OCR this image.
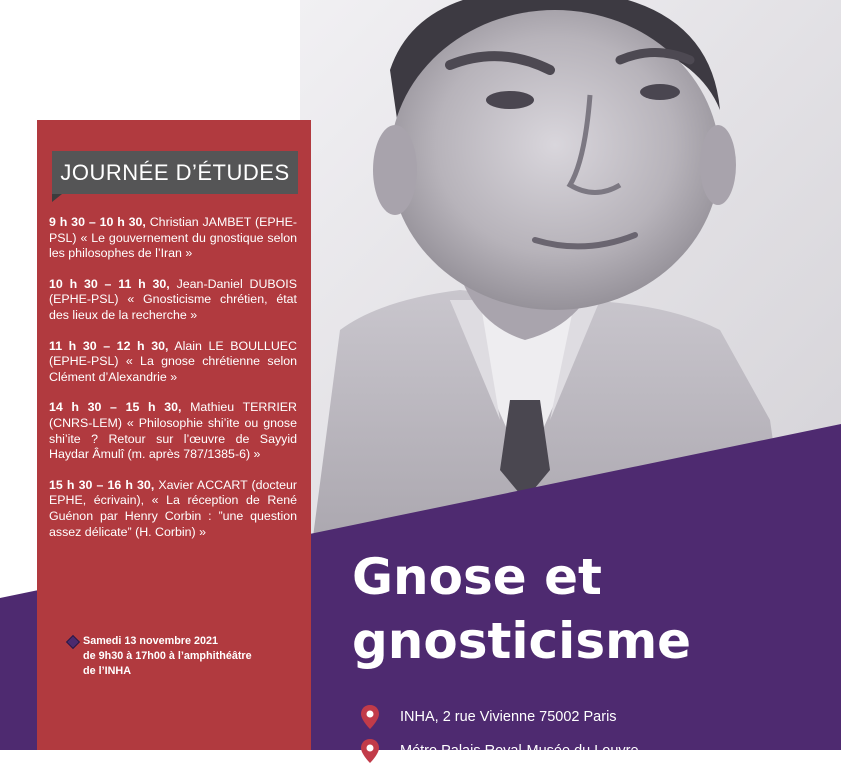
JOURNÉE D’ÉTUDES
9 h 30 – 10 h 30, Christian JAMBET (EPHE-PSL) « Le gouvernement du gnostique selon les philosophes de l’Iran »
10 h 30 – 11 h 30, Jean-Daniel DUBOIS (EPHE-PSL) « Gnosticisme chrétien, état des lieux de la recherche »
11 h 30 – 12 h 30, Alain LE BOULLUEC (EPHE-PSL) « La gnose chrétienne selon Clément d’Alexandrie »
14 h 30 – 15 h 30, Mathieu TERRIER (CNRS-LEM) « Philosophie shi’ite ou gnose shi’ite ? Retour sur l’œuvre de Sayyid Haydar Âmulî (m. après 787/1385-6) »
15 h 30 – 16 h 30, Xavier ACCART (docteur EPHE, écrivain), « La réception de René Guénon par Henry Corbin : ”une question assez délicate” (H. Corbin) »
Samedi 13 novembre 2021
de 9h30 à 17h00 à l’amphithéâtre
de l’INHA
Gnose et
gnosticisme
INHA, 2 rue Vivienne 75002 Paris
Métro Palais Royal-Musée du Louvre
